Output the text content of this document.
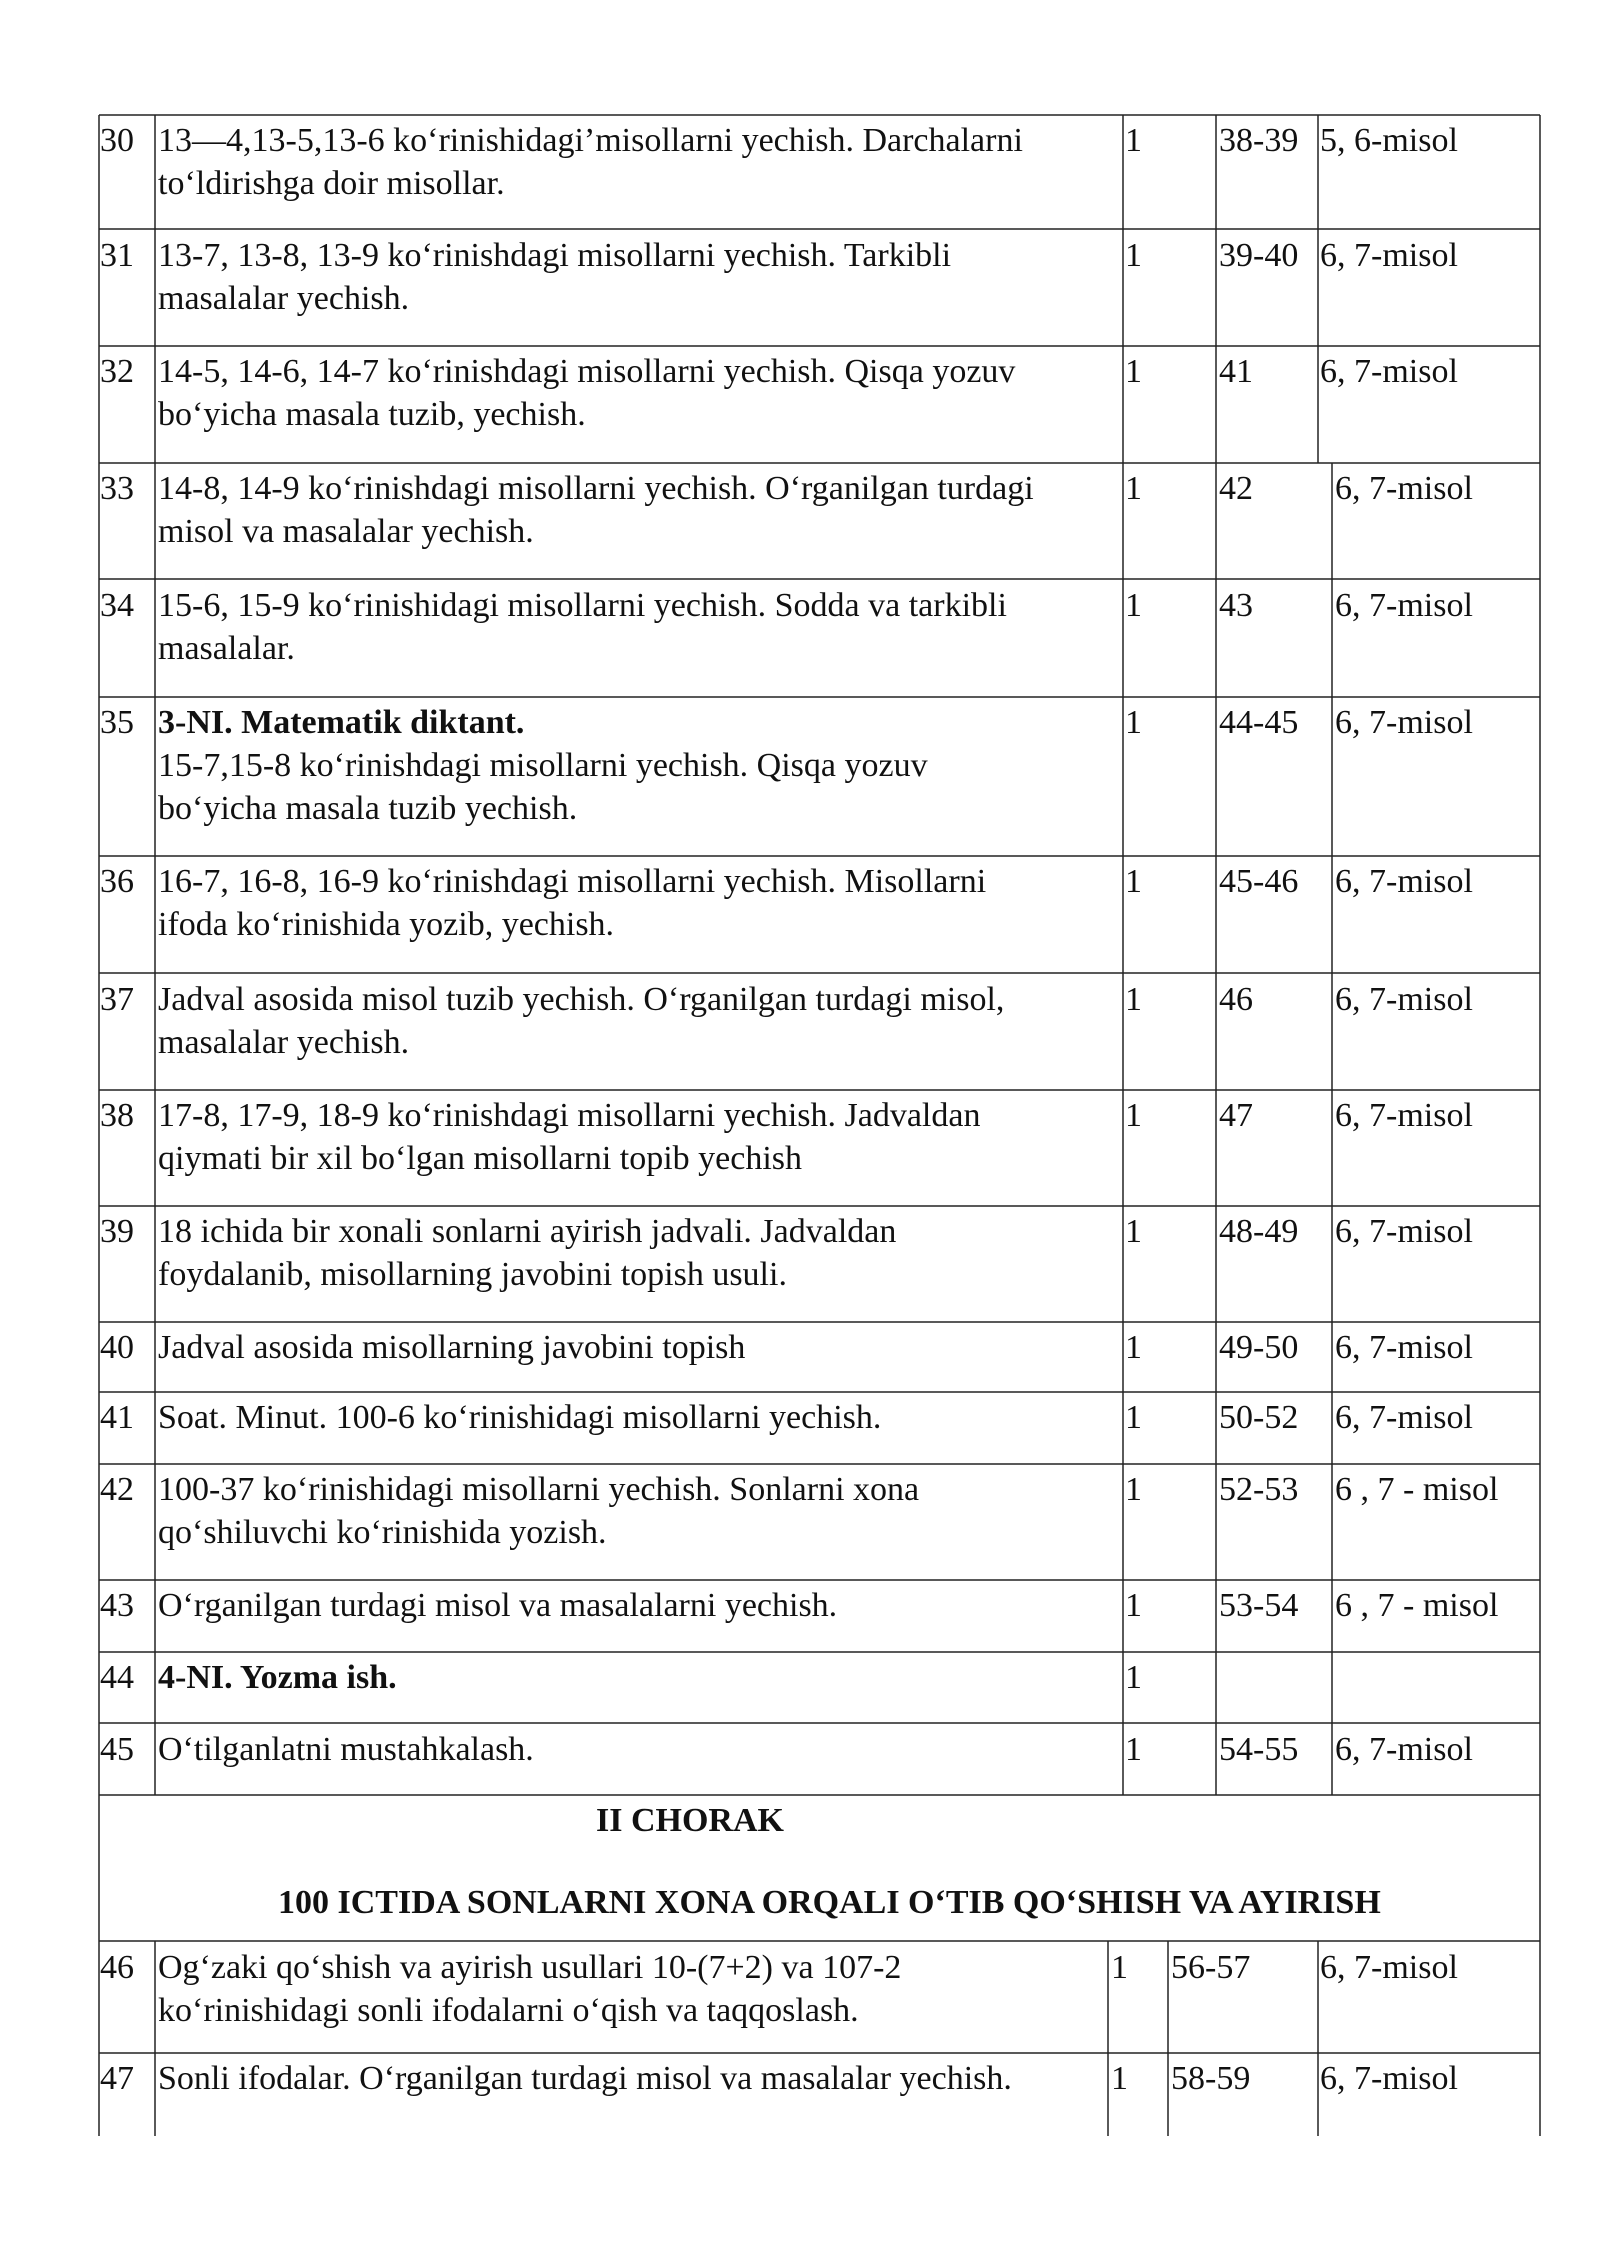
30 13—4,13-5,13-6 ko‘rinishidagi’misollarni yechish. Darchalarni
to‘ldirishga doir misollar.
1 38-39 5, 6-misol
31 13-7, 13-8, 13-9 ko‘rinishdagi misollarni yechish. Tarkibli
masalalar yechish.
1 39-40 6, 7-misol
32 14-5, 14-6, 14-7 ko‘rinishdagi misollarni yechish. Qisqa yozuv
bo‘yicha masala tuzib, yechish.
1 41 6, 7-misol
33 14-8, 14-9 ko‘rinishdagi misollarni yechish. O‘rganilgan turdagi
misol va masalalar yechish.
1 42 6, 7-misol
34 15-6, 15-9 ko‘rinishidagi misollarni yechish. Sodda va tarkibli
masalalar.
1 43 6, 7-misol
35 3-NI. Matematik diktant.
15-7,15-8 ko‘rinishdagi misollarni yechish. Qisqa yozuv
bo‘yicha masala tuzib yechish.
1 44-45 6, 7-misol
36 16-7, 16-8, 16-9 ko‘rinishdagi misollarni yechish. Misollarni
ifoda ko‘rinishida yozib, yechish.
1 45-46 6, 7-misol
37 Jadval asosida misol tuzib yechish. O‘rganilgan turdagi misol,
masalalar yechish.
1 46 6, 7-misol
38 17-8, 17-9, 18-9 ko‘rinishdagi misollarni yechish. Jadvaldan
qiymati bir xil bo‘lgan misollarni topib yechish
1 47 6, 7-misol
39 18 ichida bir xonali sonlarni ayirish jadvali. Jadvaldan
foydalanib, misollarning javobini topish usuli.
1 48-49 6, 7-misol
40 Jadval asosida misollarning javobini topish	1 49-50 6, 7-misol
41 Soat. Minut. 100-6 ko‘rinishidagi misollarni yechish.	1 50-52 6, 7-misol
42 100-37 ko‘rinishidagi misollarni yechish. Sonlarni xona
qo‘shiluvchi ko‘rinishida yozish.
1 52-53 6 , 7 - misol
43 O‘rganilgan turdagi misol va masalalarni yechish.	1 53-54 6 , 7 - misol
44 4-NI. Yozma ish.	1
45 O‘tilganlatni mustahkalash.	1 54-55 6, 7-misol
II CHORAK
100 ICTIDA SONLARNI XONA ORQALI O‘TIB QO‘SHISH VA AYIRISH
46 Og‘zaki qo‘shish va ayirish usullari 10-(7+2) va 107-2
ko‘rinishidagi sonli ifodalarni o‘qish va taqqoslash.
1 56-57 6, 7-misol
47 Sonli ifodalar. O‘rganilgan turdagi misol va masalalar yechish.	1 58-59 6, 7-misol
